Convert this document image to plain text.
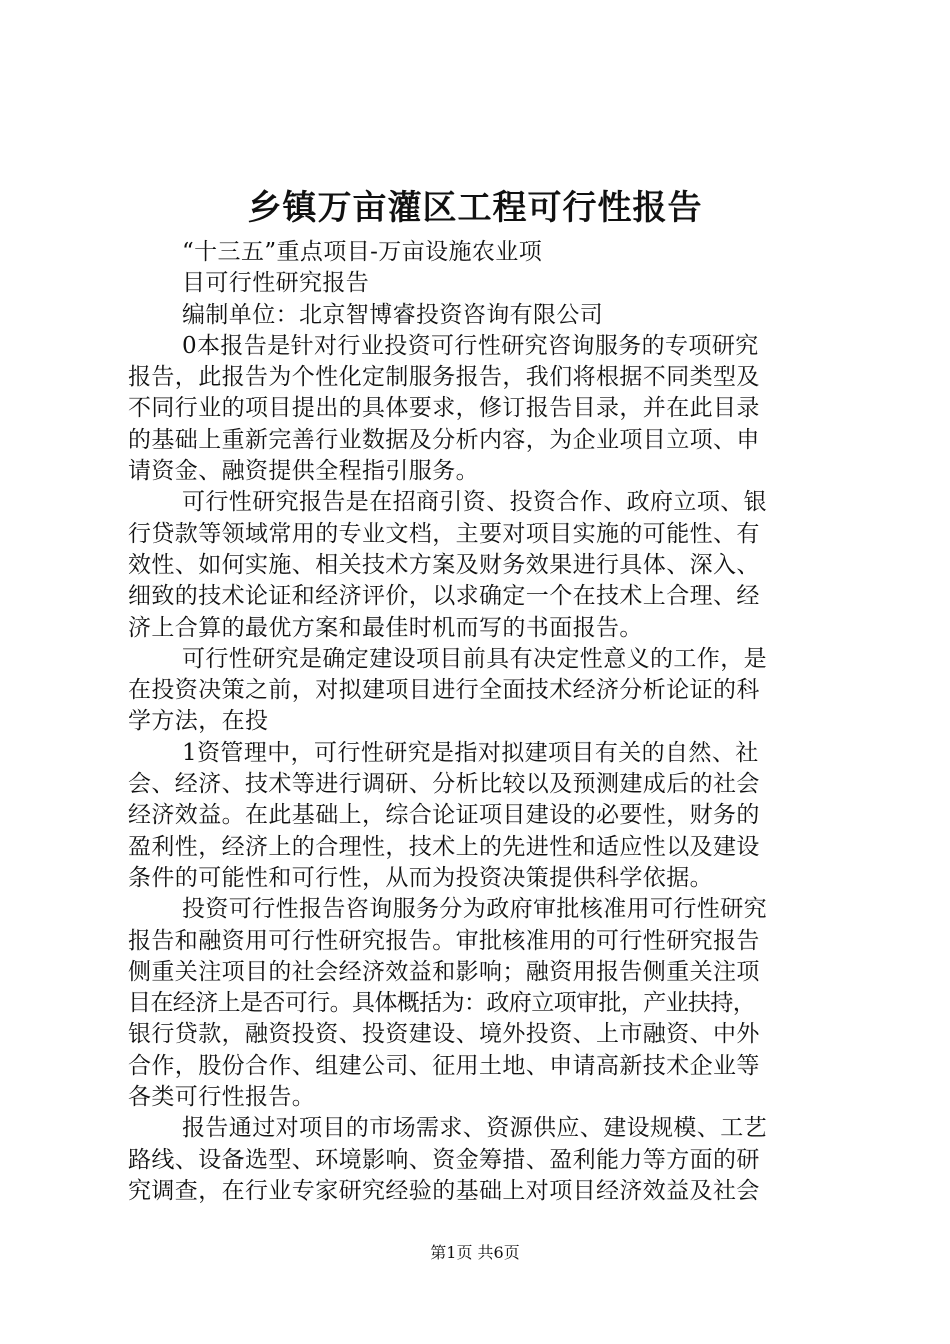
乡镇万亩灌区工程可行性报告
“十三五”重点项目-万亩设施农业项
目可行性研究报告
编制单位：北京智博睿投资咨询有限公司
0本报告是针对行业投资可行性研究咨询服务的专项研究
报告，此报告为个性化定制服务报告，我们将根据不同类型及
不同行业的项目提出的具体要求，修订报告目录，并在此目录
的基础上重新完善行业数据及分析内容，为企业项目立项、申
请资金、融资提供全程指引服务。
可行性研究报告是在招商引资、投资合作、政府立项、银
行贷款等领域常用的专业文档，主要对项目实施的可能性、有
效性、如何实施、相关技术方案及财务效果进行具体、深入、
细致的技术论证和经济评价，以求确定一个在技术上合理、经
济上合算的最优方案和最佳时机而写的书面报告。
可行性研究是确定建设项目前具有决定性意义的工作，是
在投资决策之前，对拟建项目进行全面技术经济分析论证的科
学方法，在投
1资管理中，可行性研究是指对拟建项目有关的自然、社
会、经济、技术等进行调研、分析比较以及预测建成后的社会
经济效益。在此基础上，综合论证项目建设的必要性，财务的
盈利性，经济上的合理性，技术上的先进性和适应性以及建设
条件的可能性和可行性，从而为投资决策提供科学依据。
投资可行性报告咨询服务分为政府审批核准用可行性研究
报告和融资用可行性研究报告。审批核准用的可行性研究报告
侧重关注项目的社会经济效益和影响；融资用报告侧重关注项
目在经济上是否可行。具体概括为：政府立项审批，产业扶持，
银行贷款，融资投资、投资建设、境外投资、上市融资、中外
合作，股份合作、组建公司、征用土地、申请高新技术企业等
各类可行性报告。
报告通过对项目的市场需求、资源供应、建设规模、工艺
路线、设备选型、环境影响、资金筹措、盈利能力等方面的研
究调查，在行业专家研究经验的基础上对项目经济效益及社会
第1页 共6页
